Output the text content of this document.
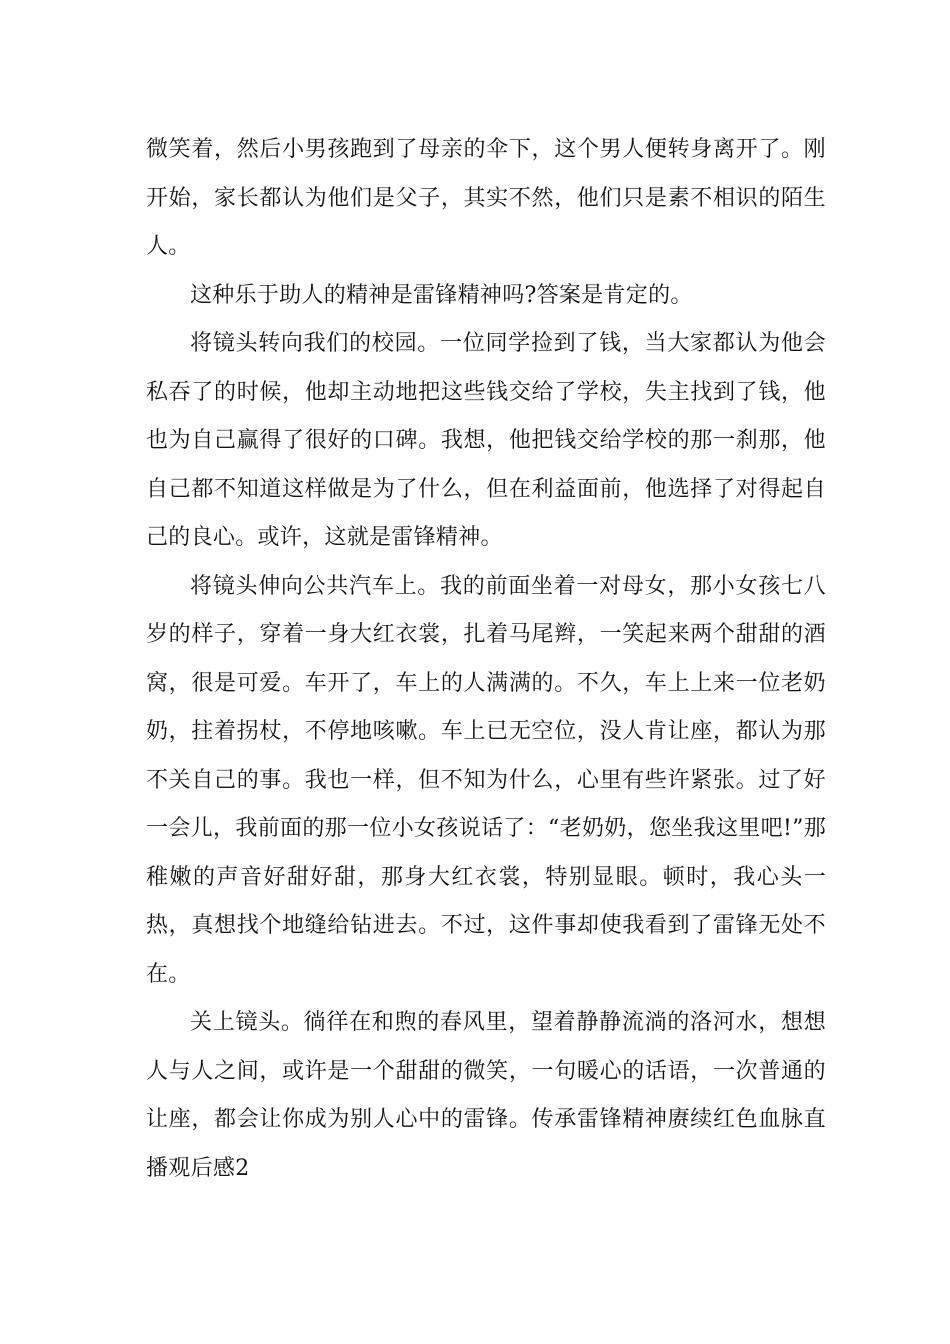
微笑着，然后小男孩跑到了母亲的伞下，这个男人便转身离开了。刚开始，家长都认为他们是父子，其实不然，他们只是素不相识的陌生人。

这种乐于助人的精神是雷锋精神吗?答案是肯定的。

将镜头转向我们的校园。一位同学捡到了钱，当大家都认为他会私吞了的时候，他却主动地把这些钱交给了学校，失主找到了钱，他也为自己赢得了很好的口碑。我想，他把钱交给学校的那一刹那，他自己都不知道这样做是为了什么，但在利益面前，他选择了对得起自己的良心。或许，这就是雷锋精神。

将镜头伸向公共汽车上。我的前面坐着一对母女，那小女孩七八岁的样子，穿着一身大红衣裳，扎着马尾辫，一笑起来两个甜甜的酒窝，很是可爱。车开了，车上的人满满的。不久，车上上来一位老奶奶，拄着拐杖，不停地咳嗽。车上已无空位，没人肯让座，都认为那不关自己的事。我也一样，但不知为什么，心里有些许紧张。过了好一会儿，我前面的那一位小女孩说话了：“老奶奶，您坐我这里吧!”那稚嫩的声音好甜好甜，那身大红衣裳，特别显眼。顿时，我心头一热，真想找个地缝给钻进去。不过，这件事却使我看到了雷锋无处不在。

关上镜头。徜徉在和煦的春风里，望着静静流淌的洛河水，想想人与人之间，或许是一个甜甜的微笑，一句暖心的话语，一次普通的让座，都会让你成为别人心中的雷锋。传承雷锋精神赓续红色血脉直播观后感2
